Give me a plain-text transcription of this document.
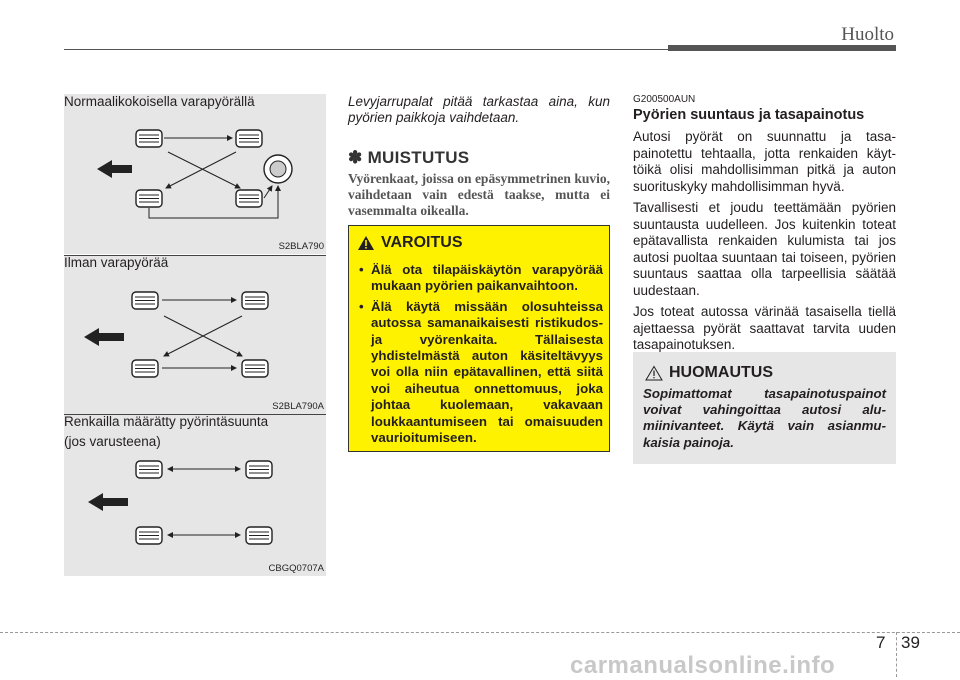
Huolto
S2BLA790
Normaalikokoisella varapyörällä
S2BLA790A
Ilman varapyörää
CBGQ0707A
Renkailla määrätty pyörintäsuunta
(jos varusteena)

Levyjarrupalat pitää tarkastaa aina, kun pyörien paikkoja vaihdetaan.

✽ MUISTUTUS

Vyörenkaat, joissa on epäsymmetrinen kuvio, vaihdetaan vain edestä taakse, mutta ei vasemmalta oikealla.

VAROITUS
• Älä ota tilapäiskäytön varapyörää mukaan pyörien paikanvaihtoon.
• Älä käytä missään olosuhteissa autossa samanaikaisesti ristikudos- ja vyörenkaita. Tällaisesta yhdistelmästä auton käsiteltävyys voi olla niin epätavallinen, että siitä voi aiheutua onnettomuus, joka johtaa kuolemaan, vakavaan loukkaantumiseen tai omaisuuden vaurioitumiseen.
G200500AUN
Pyörien suuntaus ja tasapainotus

Autosi pyörät on suunnattu ja tasapainotettu tehtaalla, jotta renkaiden käyttöikä olisi mahdollisimman pitkä ja auton suorituskyky mahdollisimman hyvä.

Tavallisesti et joudu teettämään pyörien suuntausta uudelleen. Jos kuitenkin toteat epätavallista renkaiden kulumista tai jos autosi puoltaa suuntaan tai toiseen, pyörien suuntaus saattaa olla tarpeellisia säätää uudestaan.

Jos toteat autossa värinää tasaisella tiellä ajettaessa pyörät saattavat tarvita uuden tasapainotuksen.

HUOMAUTUS

Sopimattomat tasapainotuspainot voivat vahingoittaa autosi alumiinivanteet. Käytä vain asianmukaisia painoja.

7 39
carmanualsonline.info
